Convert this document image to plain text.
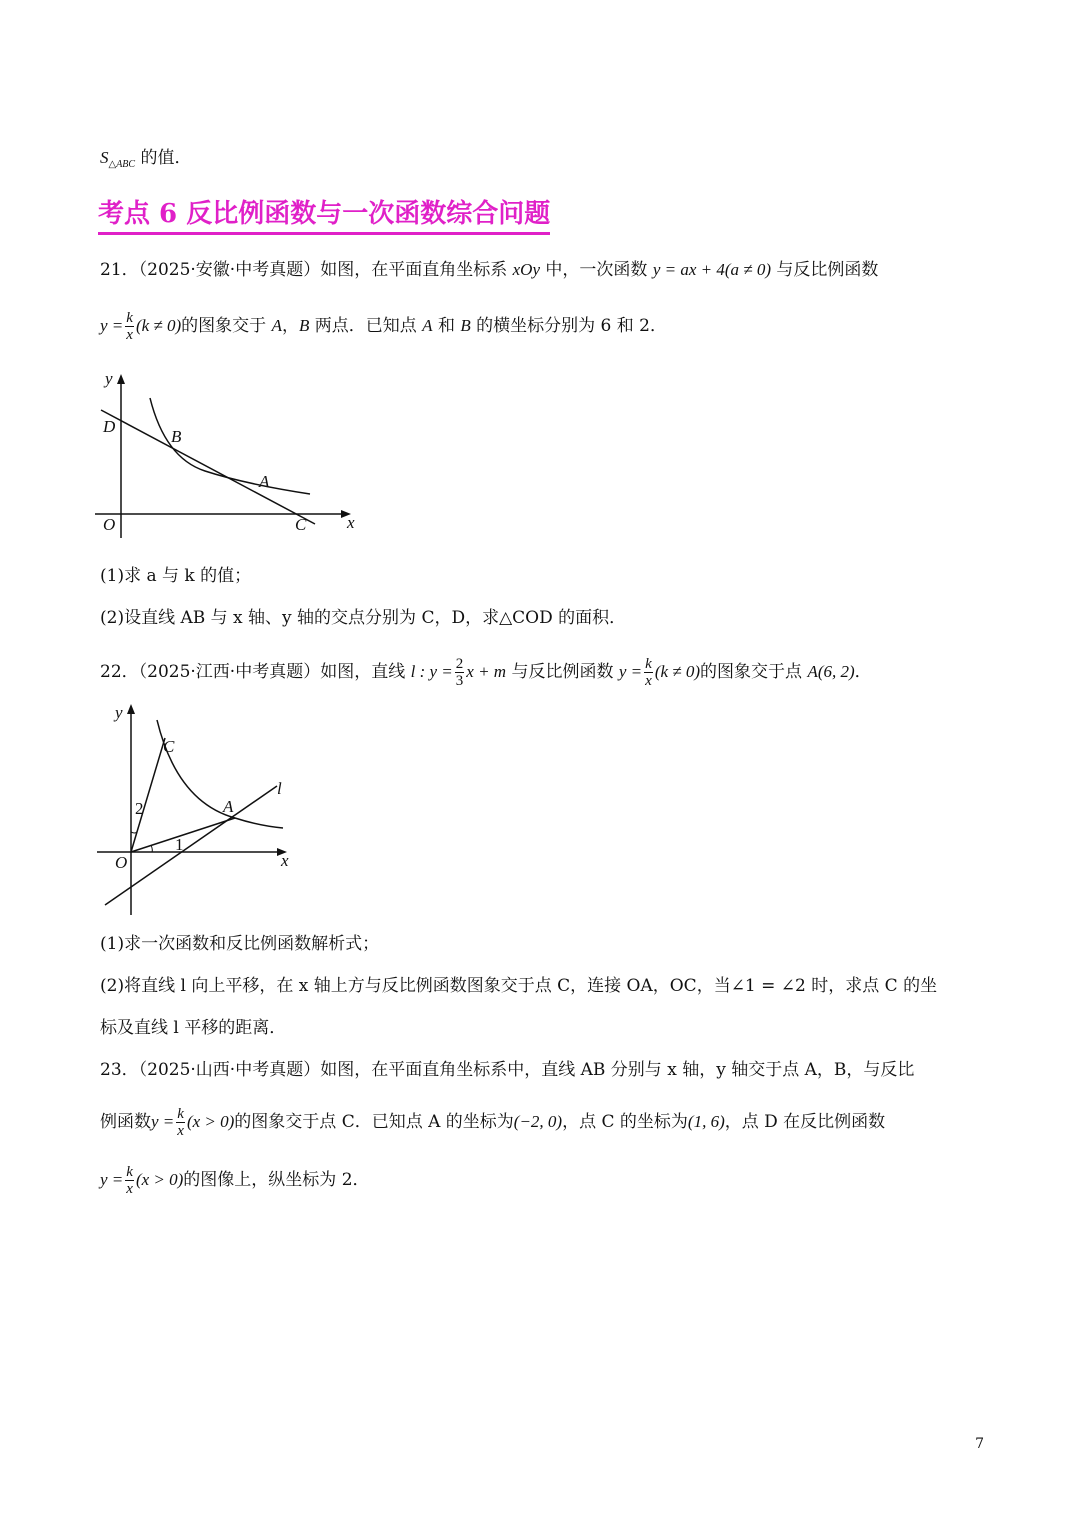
$S_{\triangle ABC}$ 的值．
考点 6 反比例函数与一次函数综合问题
21．（2025·安徽·中考真题）如图，在平面直角坐标系 xOy 中，一次函数 y = ax + 4(a ≠ 0) 与反比例函数
$y = \frac{k}{x} (k \ne 0)$的图象交于 A，B 两点．已知点 A 和 B 的横坐标分别为 6 和 2．
y
x
O
D
B
A
C
(1)求 a 与 k 的值；
(2)设直线 AB 与 x 轴、y 轴的交点分别为 C，D，求△COD 的面积．
22．（2025·江西·中考真题）如图，直线 l : $y = \frac{2}{3}$ x + m 与反比例函数 $y = \frac{k}{x} (k \ne 0)$的图象交于点 A(6, 2)．
y
x
O
C
A
l
1
2
(1)求一次函数和反比例函数解析式；
(2)将直线 l 向上平移，在 x 轴上方与反比例函数图象交于点 C，连接 OA，OC，当∠1 = ∠2 时，求点 C 的坐
标及直线 l 平移的距离．
23．（2025·山西·中考真题）如图，在平面直角坐标系中，直线 AB 分别与 x 轴，y 轴交于点 A，B，与反比
例函数$y = \frac{k}{x} (x > 0)$的图象交于点 C．已知点 A 的坐标为(−2, 0)，点 C 的坐标为(1, 6)，点 D 在反比例函数
$y = \frac{k}{x} (x > 0)$的图像上，纵坐标为 2．
7
